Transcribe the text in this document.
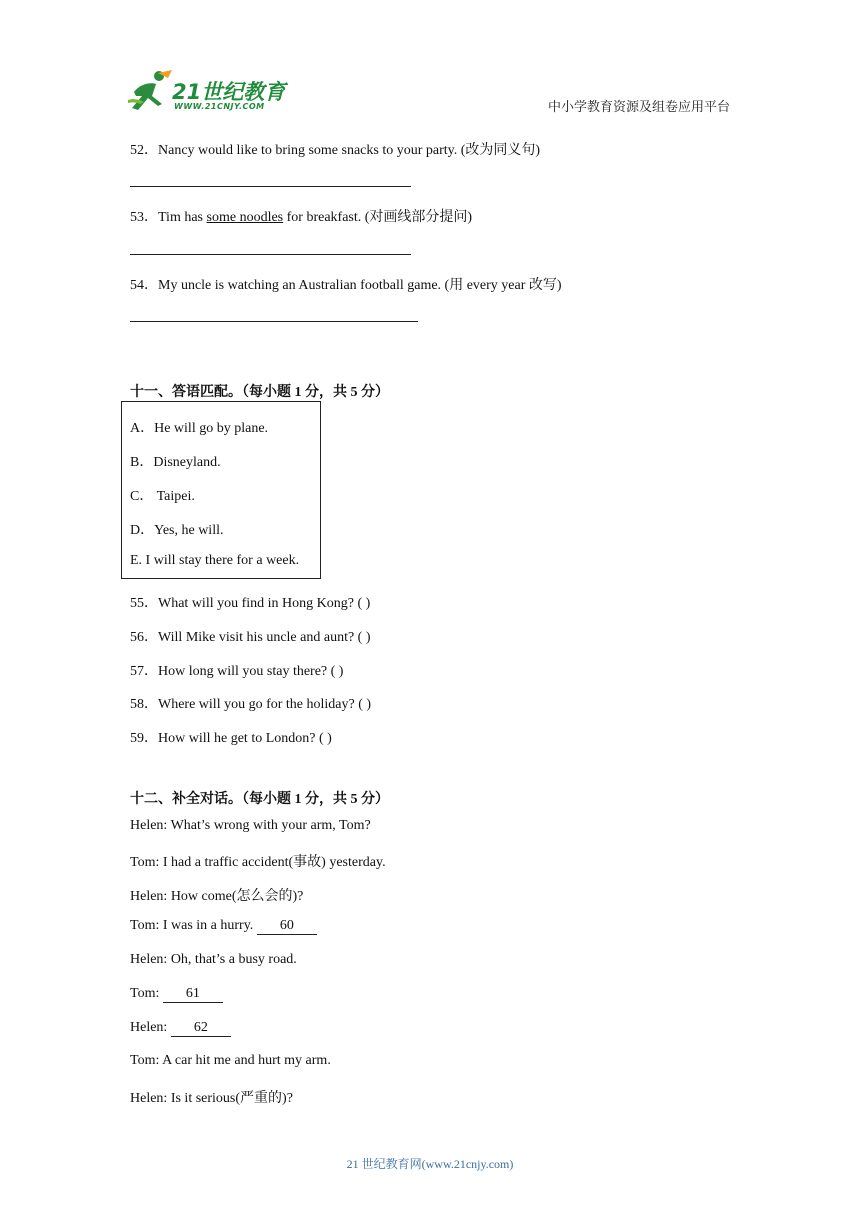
21世纪教育
WWW.21CNJY.COM	中小学教育资源及组卷应用平台
52．Nancy would like to bring some snacks to your party. (改为同义句)
53．Tim has some noodles for breakfast. (对画线部分提问)
54．My uncle is watching an Australian football game. (用 every year 改写)
十一、答语匹配。（每小题 1 分，共 5 分）
A．He will go by plane.
B．Disneyland.
C． Taipei.
D．Yes, he will.
E. I will stay there for a week.
55．What will you find in Hong Kong? ( )
56．Will Mike visit his uncle and aunt? ( )
57．How long will you stay there? ( )
58．Where will you go for the holiday? ( )
59．How will he get to London? ( )
十二、补全对话。（每小题 1 分，共 5 分）
Helen: What’s wrong with your arm, Tom?
Tom: I had a traffic accident(事故) yesterday.
Helen: How come(怎么会的)?
Tom: I was in a hurry. 60
Helen: Oh, that’s a busy road.
Tom: 61
Helen: 62
Tom: A car hit me and hurt my arm.
Helen: Is it serious(严重的)?
21 世纪教育网(www.21cnjy.com)
